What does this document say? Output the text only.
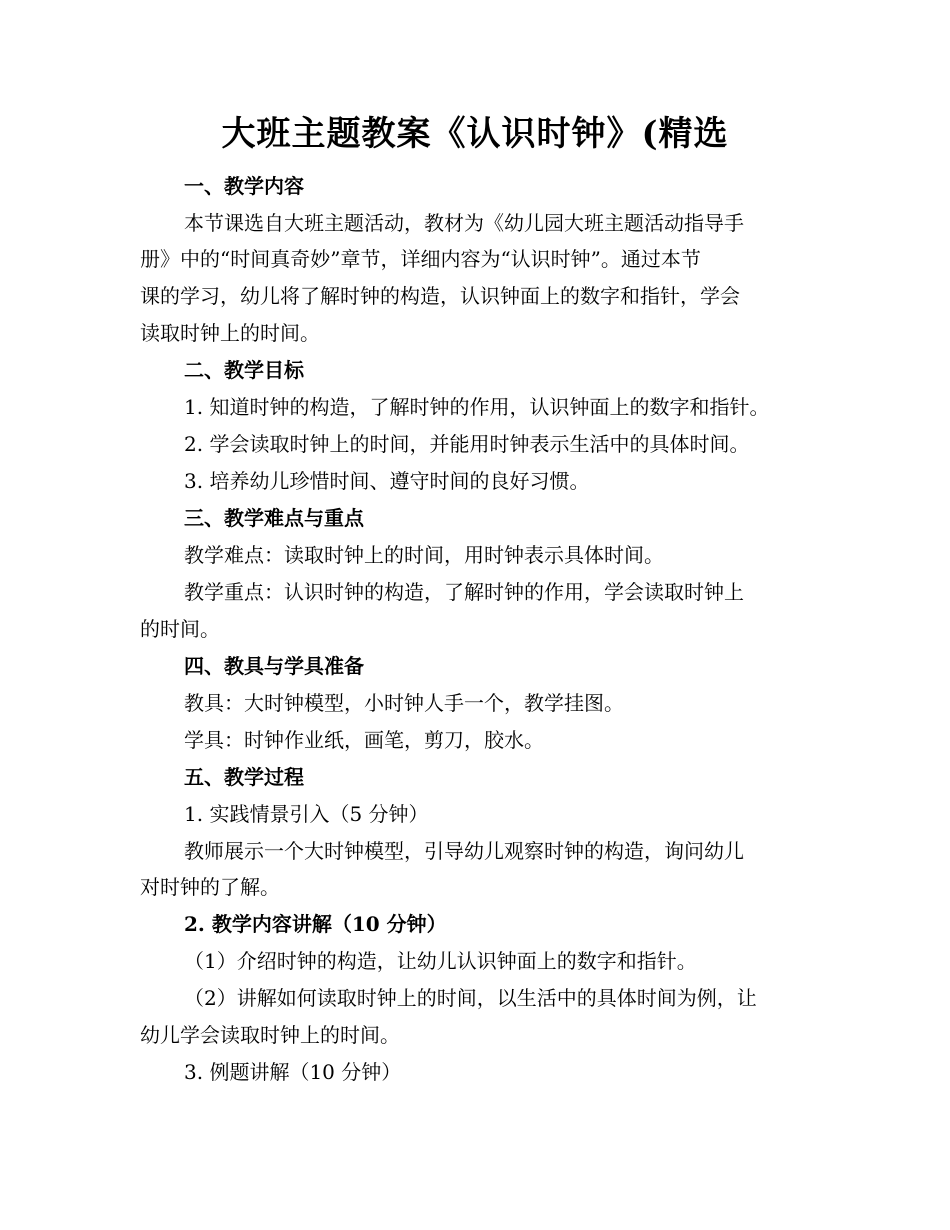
大班主题教案《认识时钟》(精选
一、教学内容
本节课选自大班主题活动，教材为《幼儿园大班主题活动指导手
册》中的“时间真奇妙”章节，详细内容为“认识时钟”。通过本节
课的学习，幼儿将了解时钟的构造，认识钟面上的数字和指针，学会
读取时钟上的时间。
二、教学目标
1. 知道时钟的构造，了解时钟的作用，认识钟面上的数字和指针。
2. 学会读取时钟上的时间，并能用时钟表示生活中的具体时间。
3. 培养幼儿珍惜时间、遵守时间的良好习惯。
三、教学难点与重点
教学难点：读取时钟上的时间，用时钟表示具体时间。
教学重点：认识时钟的构造，了解时钟的作用，学会读取时钟上
的时间。
四、教具与学具准备
教具：大时钟模型，小时钟人手一个，教学挂图。
学具：时钟作业纸，画笔，剪刀，胶水。
五、教学过程
1. 实践情景引入（5 分钟）
教师展示一个大时钟模型，引导幼儿观察时钟的构造，询问幼儿
对时钟的了解。
2. 教学内容讲解（10 分钟）
（1）介绍时钟的构造，让幼儿认识钟面上的数字和指针。
（2）讲解如何读取时钟上的时间，以生活中的具体时间为例，让
幼儿学会读取时钟上的时间。
3. 例题讲解（10 分钟）
